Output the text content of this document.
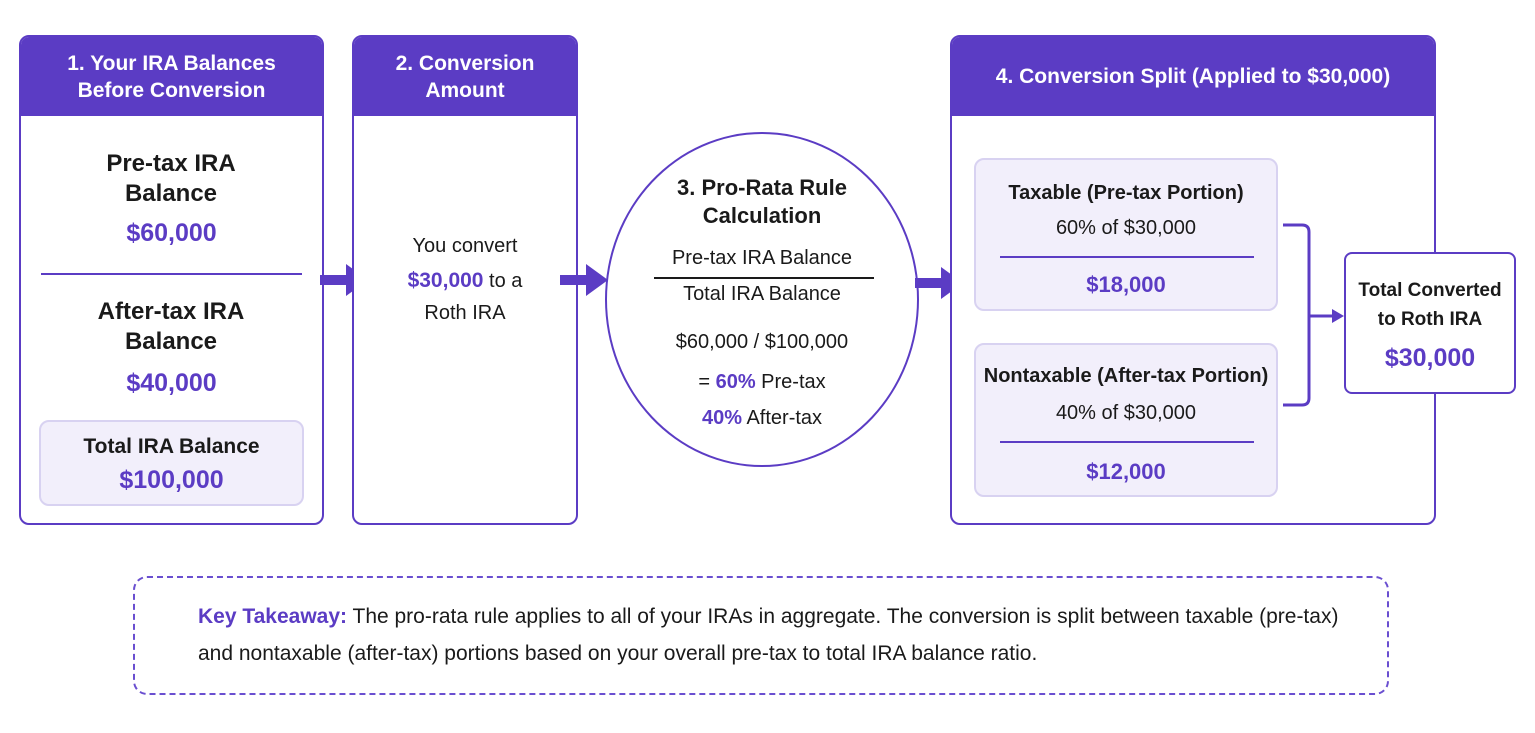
1. Your IRA Balances Before Conversion
Pre-tax IRA Balance
$60,000
After-tax IRA Balance
$40,000
Total IRA Balance
$100,000
2. Conversion Amount
You convert
$30,000 to a
Roth IRA
3. Pro-Rata Rule Calculation
Pre-tax IRA Balance
Total IRA Balance
$60,000 / $100,000
= 60% Pre-tax
40% After-tax
4. Conversion Split (Applied to $30,000)
Taxable (Pre-tax Portion)
60% of $30,000
$18,000
Nontaxable (After-tax Portion)
40% of $30,000
$12,000
Total Converted
to Roth IRA
$30,000
Key Takeaway: The pro-rata rule applies to all of your IRAs in aggregate. The conversion is split between taxable (pre-tax) and nontaxable (after-tax) portions based on your overall pre-tax to total IRA balance ratio.
